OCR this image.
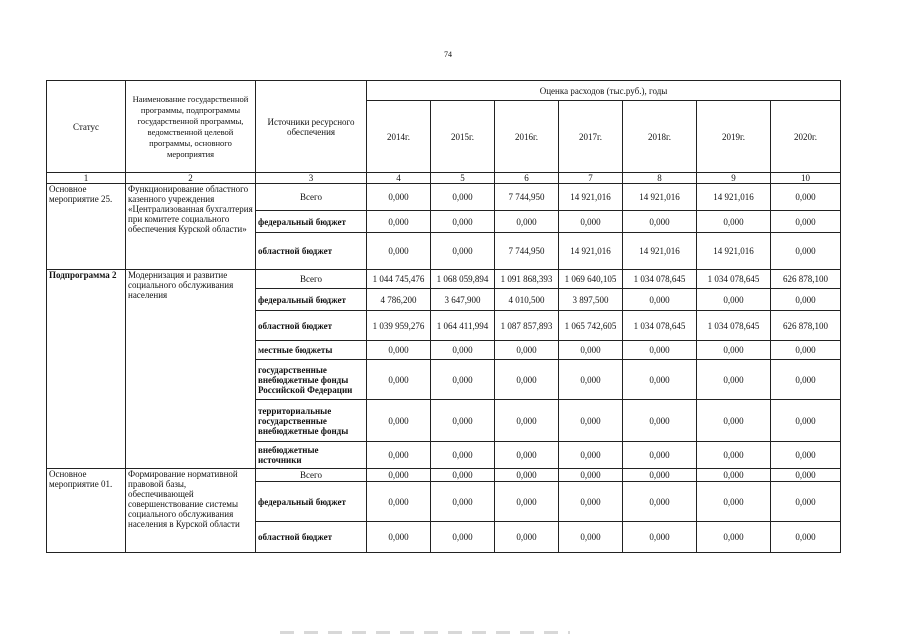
74
Статус	Наименование государственной программы, подпрограммы государственной программы, ведомственной целевой программы, основного мероприятия	Источники ресурсного обеспечения	Оценка расходов (тыс.руб.), годы						
			2014г.	2015г.	2016г.	2017г.	2018г.	2019г.	2020г.
1	2	3	4	5	6	7	8	9	10
Основное мероприятие 25.	Функционирование областного казенного учреждения «Централизованная бухгалтерия при комитете социального обеспечения Курской области»	Всего	0,000	0,000	7 744,950	14 921,016	14 921,016	14 921,016	0,000
		федеральный бюджет	0,000	0,000	0,000	0,000	0,000	0,000	0,000
		областной бюджет	0,000	0,000	7 744,950	14 921,016	14 921,016	14 921,016	0,000
Подпрограмма 2	Модернизация и развитие социального обслуживания населения	Всего	1 044 745,476	1 068 059,894	1 091 868,393	1 069 640,105	1 034 078,645	1 034 078,645	626 878,100
		федеральный бюджет	4 786,200	3 647,900	4 010,500	3 897,500	0,000	0,000	0,000
		областной бюджет	1 039 959,276	1 064 411,994	1 087 857,893	1 065 742,605	1 034 078,645	1 034 078,645	626 878,100
		местные бюджеты	0,000	0,000	0,000	0,000	0,000	0,000	0,000
		государственные внебюджетные фонды Российской Федерации	0,000	0,000	0,000	0,000	0,000	0,000	0,000
		территориальные государственные внебюджетные фонды	0,000	0,000	0,000	0,000	0,000	0,000	0,000
		внебюджетные источники	0,000	0,000	0,000	0,000	0,000	0,000	0,000
Основное мероприятие 01.	Формирование нормативной правовой базы, обеспечивающей совершенствование системы социального обслуживания населения в Курской области	Всего	0,000	0,000	0,000	0,000	0,000	0,000	0,000
		федеральный бюджет	0,000	0,000	0,000	0,000	0,000	0,000	0,000
		областной бюджет	0,000	0,000	0,000	0,000	0,000	0,000	0,000
